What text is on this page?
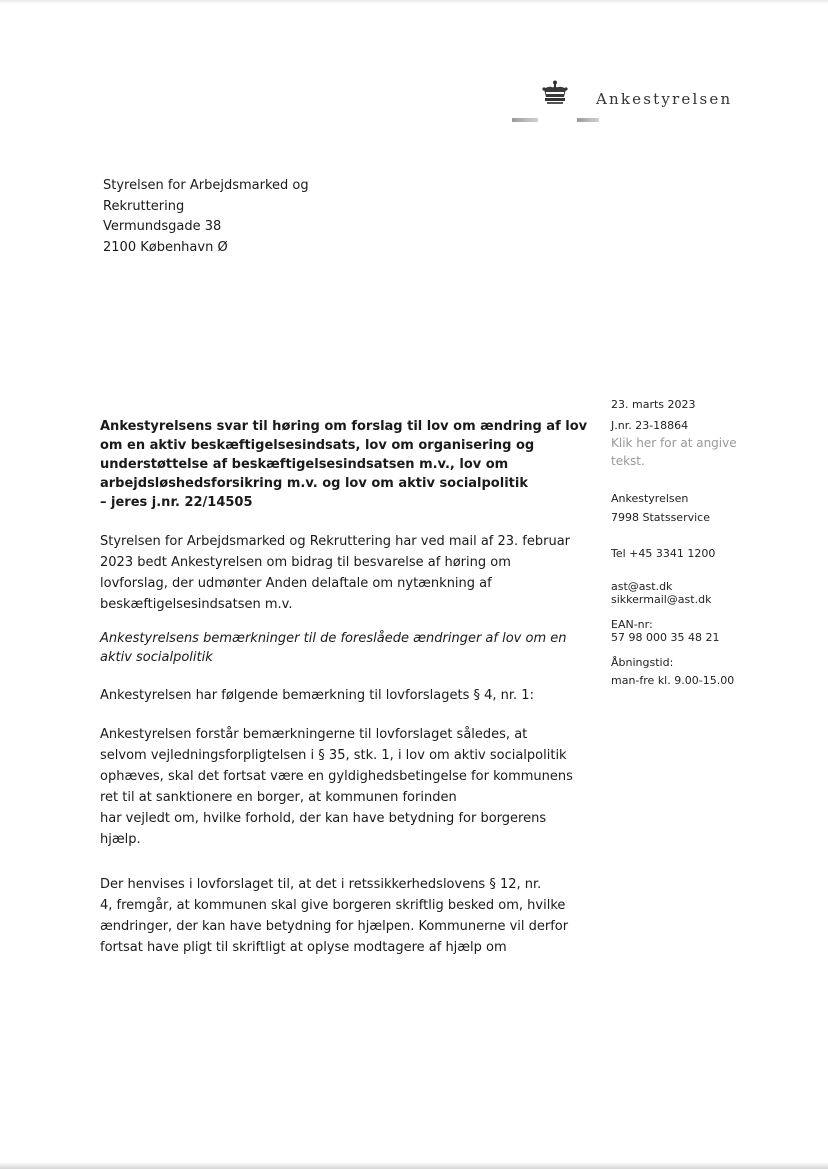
Ankestyrelsen
Styrelsen for Arbejdsmarked og
Rekruttering
Vermundsgade 38
2100 København Ø
23. marts 2023
J.nr. 23-18864
Klik her for at angive
tekst.
Ankestyrelsen
7998 Statsservice
Tel +45 3341 1200
ast@ast.dk
sikkermail@ast.dk
EAN-nr:
57 98 000 35 48 21
Åbningstid:
man-fre kl. 9.00-15.00
Ankestyrelsens svar til høring om forslag til lov om ændring af lov
om en aktiv beskæftigelsesindsats, lov om organisering og
understøttelse af beskæftigelsesindsatsen m.v., lov om
arbejdsløshedsforsikring m.v. og lov om aktiv socialpolitik
– jeres j.nr. 22/14505
Styrelsen for Arbejdsmarked og Rekruttering har ved mail af 23. februar
2023 bedt Ankestyrelsen om bidrag til besvarelse af høring om
lovforslag, der udmønter Anden delaftale om nytænkning af
beskæftigelsesindsatsen m.v.
Ankestyrelsens bemærkninger til de foreslåede ændringer af lov om en
aktiv socialpolitik
Ankestyrelsen har følgende bemærkning til lovforslagets § 4, nr. 1:
Ankestyrelsen forstår bemærkningerne til lovforslaget således, at
selvom vejledningsforpligtelsen i § 35, stk. 1, i lov om aktiv socialpolitik
ophæves, skal det fortsat være en gyldighedsbetingelse for kommunens
ret til at sanktionere en borger, at kommunen forinden
har vejledt om, hvilke forhold, der kan have betydning for borgerens
hjælp.
Der henvises i lovforslaget til, at det i retssikkerhedslovens § 12, nr.
4, fremgår, at kommunen skal give borgeren skriftlig besked om, hvilke
ændringer, der kan have betydning for hjælpen. Kommunerne vil derfor
fortsat have pligt til skriftligt at oplyse modtagere af hjælp om
